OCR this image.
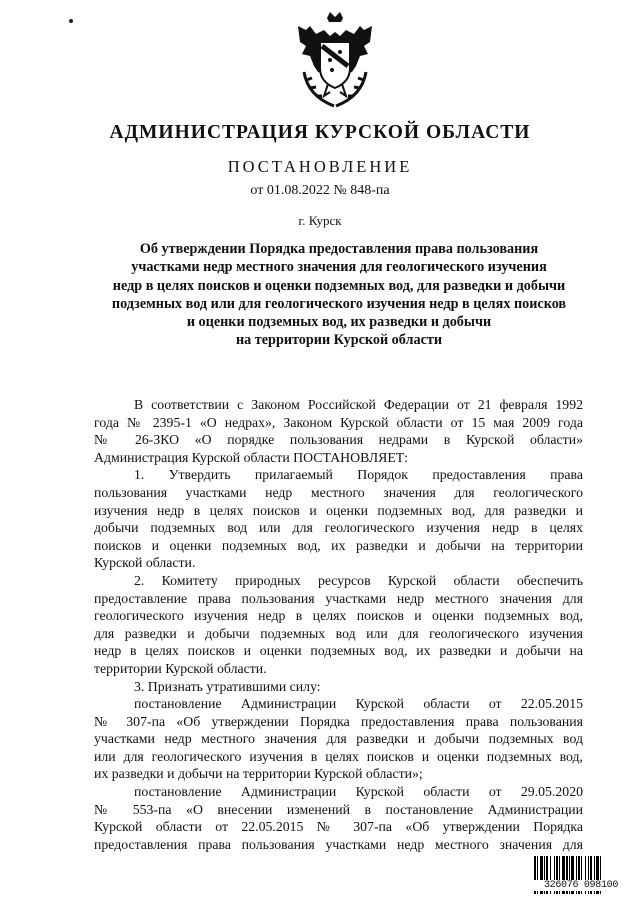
АДМИНИСТРАЦИЯ КУРСКОЙ ОБЛАСТИ
ПОСТАНОВЛЕНИЕ
от 01.08.2022 № 848-па
г. Курск
Об утверждении Порядка предоставления права пользования
участками недр местного значения для геологического изучения
недр в целях поисков и оценки подземных вод, для разведки и добычи
подземных вод или для геологического изучения недр в целях поисков
и оценки подземных вод, их разведки и добычи
на территории Курской области
В соответствии с Законом Российской Федерации от 21 февраля 1992
года № 2395-1 «О недрах», Законом Курской области от 15 мая 2009 года
№ 26-ЗКО «О порядке пользования недрами в Курской области»
Администрация Курской области ПОСТАНОВЛЯЕТ:
1. Утвердить прилагаемый Порядок предоставления права
пользования участками недр местного значения для геологического
изучения недр в целях поисков и оценки подземных вод, для разведки и
добычи подземных вод или для геологического изучения недр в целях
поисков и оценки подземных вод, их разведки и добычи на территории
Курской области.
2. Комитету природных ресурсов Курской области обеспечить
предоставление права пользования участками недр местного значения для
геологического изучения недр в целях поисков и оценки подземных вод,
для разведки и добычи подземных вод или для геологического изучения
недр в целях поисков и оценки подземных вод, их разведки и добычи на
территории Курской области.
3. Признать утратившими силу:
постановление Администрации Курской области от 22.05.2015
№ 307-па «Об утверждении Порядка предоставления права пользования
участками недр местного значения для разведки и добычи подземных вод
или для геологического изучения в целях поисков и оценки подземных вод,
их разведки и добычи на территории Курской области»;
постановление Администрации Курской области от 29.05.2020
№ 553-па «О внесении изменений в постановление Администрации
Курской области от 22.05.2015 № 307-па «Об утверждении Порядка
предоставления права пользования участками недр местного значения для
326076 098100
